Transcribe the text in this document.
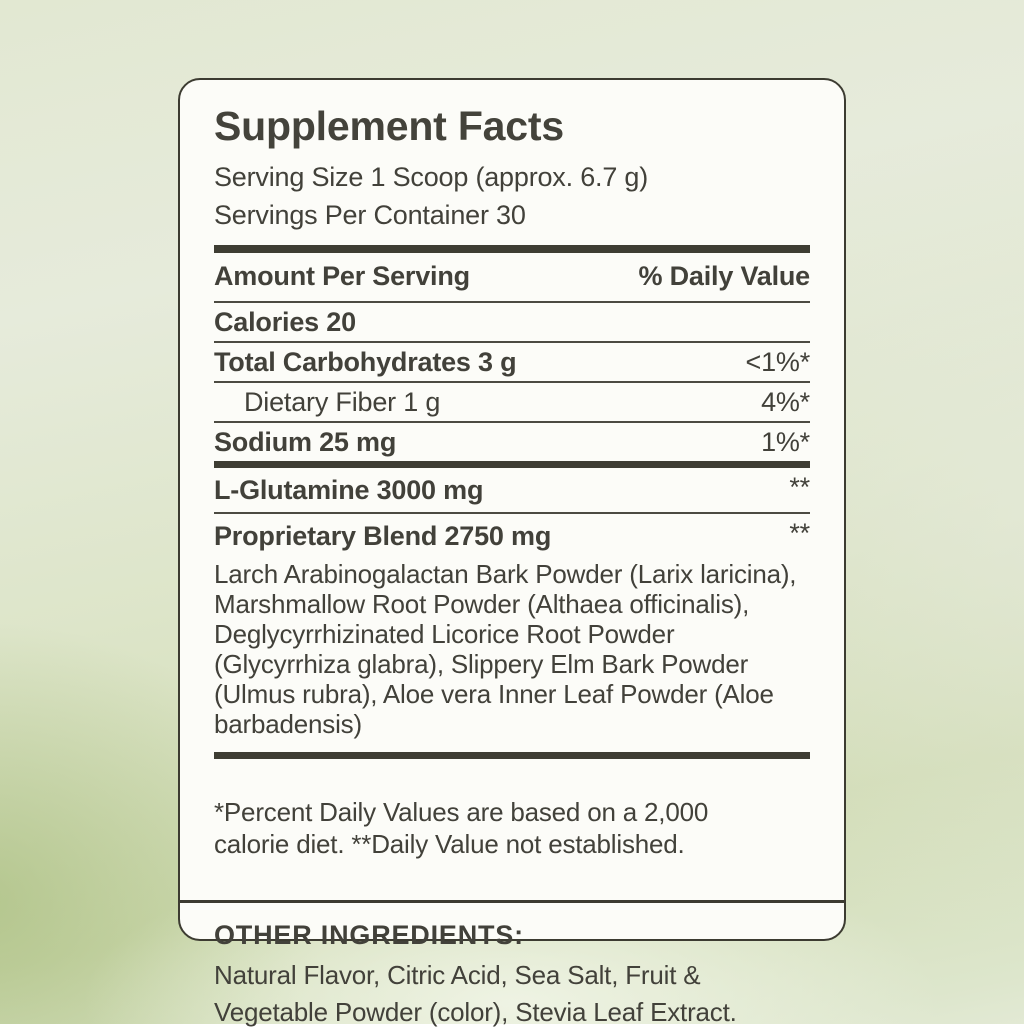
Supplement Facts
Serving Size 1 Scoop (approx. 6.7 g)
Servings Per Container 30
Amount Per Serving	% Daily Value
Calories 20
Total Carbohydrates 3 g	<1%*
Dietary Fiber 1 g	4%*
Sodium 25 mg	1%*
L-Glutamine 3000 mg	**
Proprietary Blend 2750 mg	**

Larch Arabinogalactan Bark Powder (Larix laricina), Marshmallow Root Powder (Althaea officinalis), Deglycyrrhizinated Licorice Root Powder (Glycyrrhiza glabra), Slippery Elm Bark Powder (Ulmus rubra), Aloe vera Inner Leaf Powder (Aloe barbadensis)

*Percent Daily Values are based on a 2,000 calorie diet. **Daily Value not established.

OTHER INGREDIENTS:

Natural Flavor, Citric Acid, Sea Salt, Fruit & Vegetable Powder (color), Stevia Leaf Extract.
